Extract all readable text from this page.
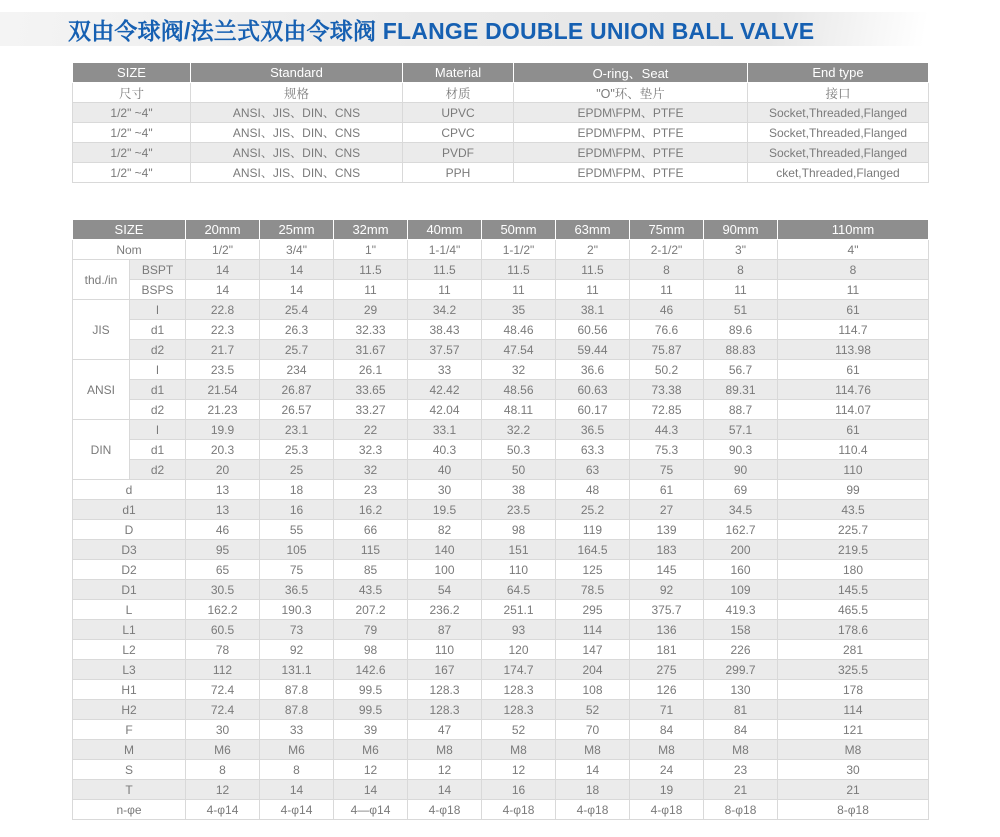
双由令球阀/法兰式双由令球阀 FLANGE DOUBLE UNION BALL VALVE
SIZE	Standard	Material	O-ring、Seat	End type
尺寸	规格	材质	"O"环、垫片	接口
1/2" ~4"	ANSI、JIS、DIN、CNS	UPVC	EPDM\FPM、PTFE	Socket,Threaded,Flanged
1/2" ~4"	ANSI、JIS、DIN、CNS	CPVC	EPDM\FPM、PTFE	Socket,Threaded,Flanged
1/2" ~4"	ANSI、JIS、DIN、CNS	PVDF	EPDM\FPM、PTFE	Socket,Threaded,Flanged
1/2" ~4"	ANSI、JIS、DIN、CNS	PPH	EPDM\FPM、PTFE	cket,Threaded,Flanged
SIZE		20mm	25mm	32mm	40mm	50mm	63mm	75mm	90mm	110mm
Nom		1/2"	3/4"	1"	1-1/4"	1-1/2"	2"	2-1/2"	3"	4"
thd./in	BSPT	14	14	11.5	11.5	11.5	11.5	8	8	8
	BSPS	14	14	11	11	11	11	11	11	11
JIS	l	22.8	25.4	29	34.2	35	38.1	46	51	61
	d1	22.3	26.3	32.33	38.43	48.46	60.56	76.6	89.6	114.7
	d2	21.7	25.7	31.67	37.57	47.54	59.44	75.87	88.83	113.98
ANSI	l	23.5	234	26.1	33	32	36.6	50.2	56.7	61
	d1	21.54	26.87	33.65	42.42	48.56	60.63	73.38	89.31	114.76
	d2	21.23	26.57	33.27	42.04	48.11	60.17	72.85	88.7	114.07
DIN	l	19.9	23.1	22	33.1	32.2	36.5	44.3	57.1	61
	d1	20.3	25.3	32.3	40.3	50.3	63.3	75.3	90.3	110.4
	d2	20	25	32	40	50	63	75	90	110
d		13	18	23	30	38	48	61	69	99
d1		13	16	16.2	19.5	23.5	25.2	27	34.5	43.5
D		46	55	66	82	98	119	139	162.7	225.7
D3		95	105	115	140	151	164.5	183	200	219.5
D2		65	75	85	100	110	125	145	160	180
D1		30.5	36.5	43.5	54	64.5	78.5	92	109	145.5
L		162.2	190.3	207.2	236.2	251.1	295	375.7	419.3	465.5
L1		60.5	73	79	87	93	114	136	158	178.6
L2		78	92	98	110	120	147	181	226	281
L3		112	131.1	142.6	167	174.7	204	275	299.7	325.5
H1		72.4	87.8	99.5	128.3	128.3	108	126	130	178
H2		72.4	87.8	99.5	128.3	128.3	52	71	81	114
F		30	33	39	47	52	70	84	84	121
M		M6	M6	M6	M8	M8	M8	M8	M8	M8
S		8	8	12	12	12	14	24	23	30
T		12	14	14	14	16	18	19	21	21
n-φe		4-φ14	4-φ14	4—φ14	4-φ18	4-φ18	4-φ18	4-φ18	8-φ18	8-φ18
